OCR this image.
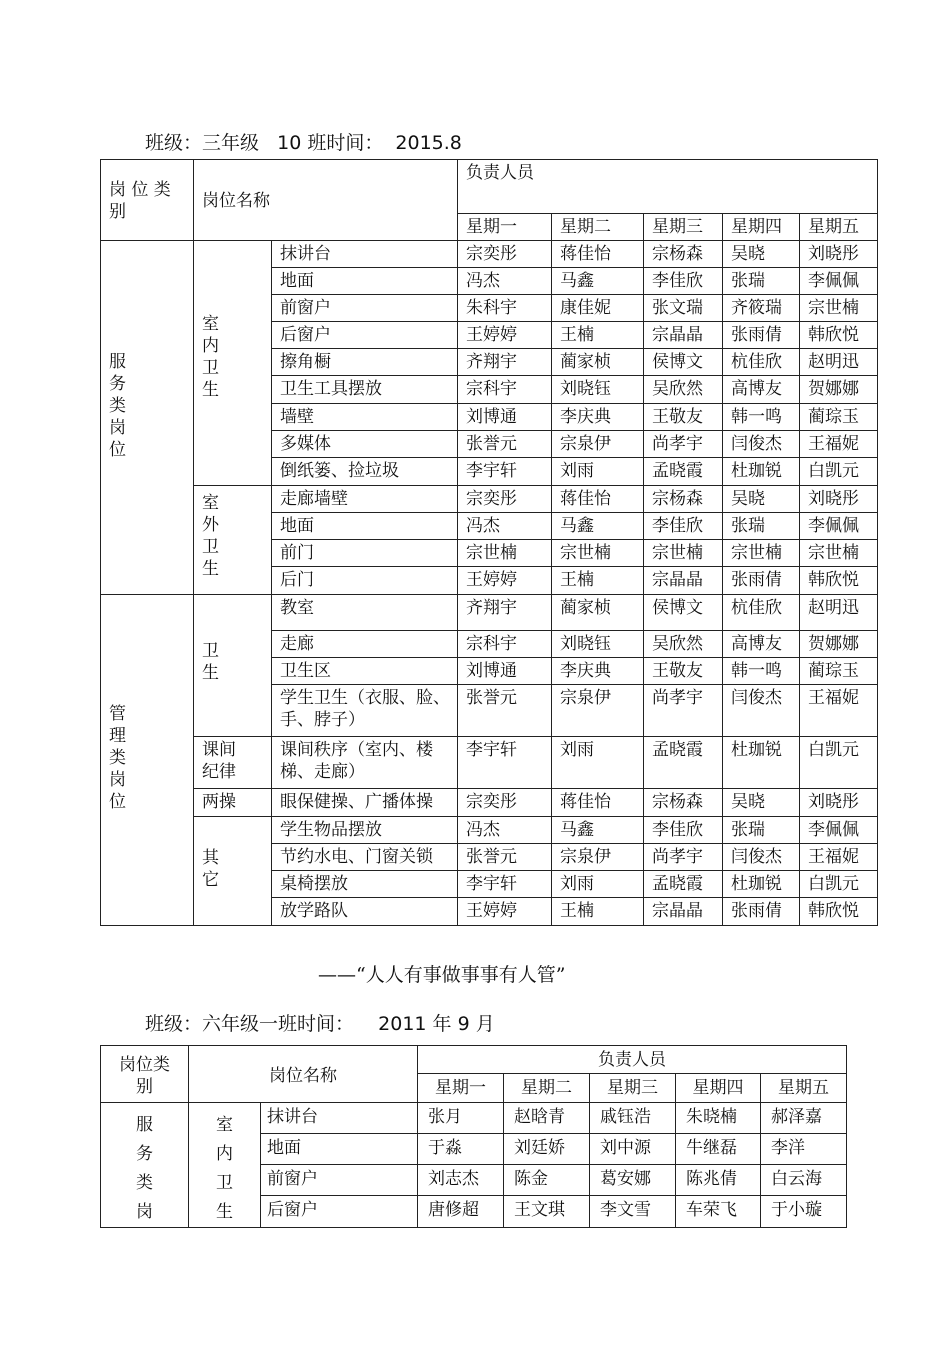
班级：三年级   10 班时间：  2015.8
岗 位 类
别	岗位名称		负责人员				
			星期一	星期二	星期三	星期四	星期五
服
务
类
岗
位	室
内
卫
生	抹讲台	宗奕彤	蒋佳怡	宗杨森	吴晓	刘晓彤
		地面	冯杰	马鑫	李佳欣	张瑞	李佩佩
		前窗户	朱科宇	康佳妮	张文瑞	齐筱瑞	宗世楠
		后窗户	王婷婷	王楠	宗晶晶	张雨倩	韩欣悦
		擦角橱	齐翔宇	蔺家桢	侯博文	杭佳欣	赵明迅
		卫生工具摆放	宗科宇	刘晓钰	吴欣然	高博友	贺娜娜
		墙壁	刘博通	李庆典	王敬友	韩一鸣	蔺琮玉
		多媒体	张誉元	宗泉伊	尚孝宇	闫俊杰	王福妮
		倒纸篓、捡垃圾	李宇轩	刘雨	孟晓霞	杜珈锐	白凯元
	室
外
卫
生	走廊墙壁	宗奕彤	蒋佳怡	宗杨森	吴晓	刘晓彤
		地面	冯杰	马鑫	李佳欣	张瑞	李佩佩
		前门	宗世楠	宗世楠	宗世楠	宗世楠	宗世楠
		后门	王婷婷	王楠	宗晶晶	张雨倩	韩欣悦
管
理
类
岗
位	卫
生	教室	齐翔宇	蔺家桢	侯博文	杭佳欣	赵明迅
		走廊	宗科宇	刘晓钰	吴欣然	高博友	贺娜娜
		卫生区	刘博通	李庆典	王敬友	韩一鸣	蔺琮玉
		学生卫生（衣服、脸、手、脖子）	张誉元	宗泉伊	尚孝宇	闫俊杰	王福妮
	课间
纪律	课间秩序（室内、楼梯、走廊）	李宇轩	刘雨	孟晓霞	杜珈锐	白凯元
	两操	眼保健操、广播体操	宗奕彤	蒋佳怡	宗杨森	吴晓	刘晓彤
	其
它	学生物品摆放	冯杰	马鑫	李佳欣	张瑞	李佩佩
		节约水电、门窗关锁	张誉元	宗泉伊	尚孝宇	闫俊杰	王福妮
		桌椅摆放	李宇轩	刘雨	孟晓霞	杜珈锐	白凯元
		放学路队	王婷婷	王楠	宗晶晶	张雨倩	韩欣悦
——“人人有事做事事有人管”
班级：六年级一班时间：    2011 年 9 月
岗位类
别	岗位名称		负责人员				
			星期一	星期二	星期三	星期四	星期五
服
务
类
岗	室
内
卫
生	抹讲台	张月	赵晗青	戚钰浩	朱晓楠	郝泽嘉
		地面	于淼	刘廷娇	刘中源	牛继磊	李洋
		前窗户	刘志杰	陈金	葛安娜	陈兆倩	白云海
		后窗户	唐修超	王文琪	李文雪	车荣飞	于小璇
